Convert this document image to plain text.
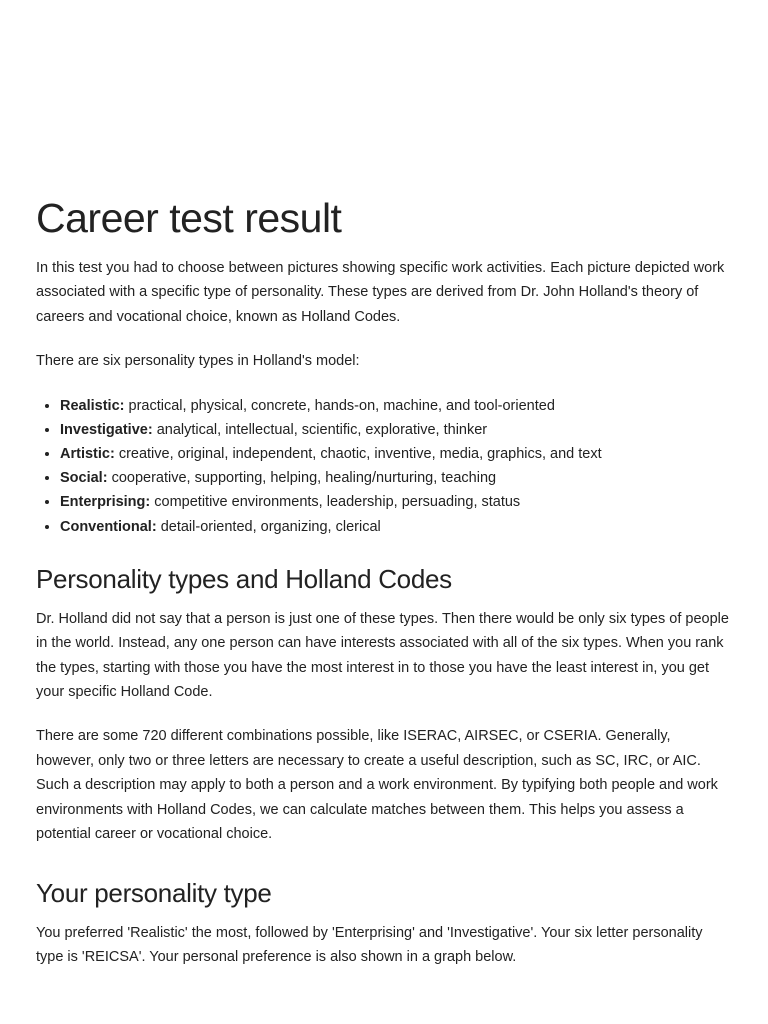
Career test result

In this test you had to choose between pictures showing specific work activities. Each picture depicted work associated with a specific type of personality. These types are derived from Dr. John Holland's theory of careers and vocational choice, known as Holland Codes.

There are six personality types in Holland's model:

• Realistic: practical, physical, concrete, hands-on, machine, and tool-oriented
• Investigative: analytical, intellectual, scientific, explorative, thinker
• Artistic: creative, original, independent, chaotic, inventive, media, graphics, and text
• Social: cooperative, supporting, helping, healing/nurturing, teaching
• Enterprising: competitive environments, leadership, persuading, status
• Conventional: detail-oriented, organizing, clerical
Personality types and Holland Codes

Dr. Holland did not say that a person is just one of these types. Then there would be only six types of people in the world. Instead, any one person can have interests associated with all of the six types. When you rank the types, starting with those you have the most interest in to those you have the least interest in, you get your specific Holland Code.

There are some 720 different combinations possible, like ISERAC, AIRSEC, or CSERIA. Generally, however, only two or three letters are necessary to create a useful description, such as SC, IRC, or AIC. Such a description may apply to both a person and a work environment. By typifying both people and work environments with Holland Codes, we can calculate matches between them. This helps you assess a potential career or vocational choice.

Your personality type

You preferred 'Realistic' the most, followed by 'Enterprising' and 'Investigative'. Your six letter personality type is 'REICSA'. Your personal preference is also shown in a graph below.
